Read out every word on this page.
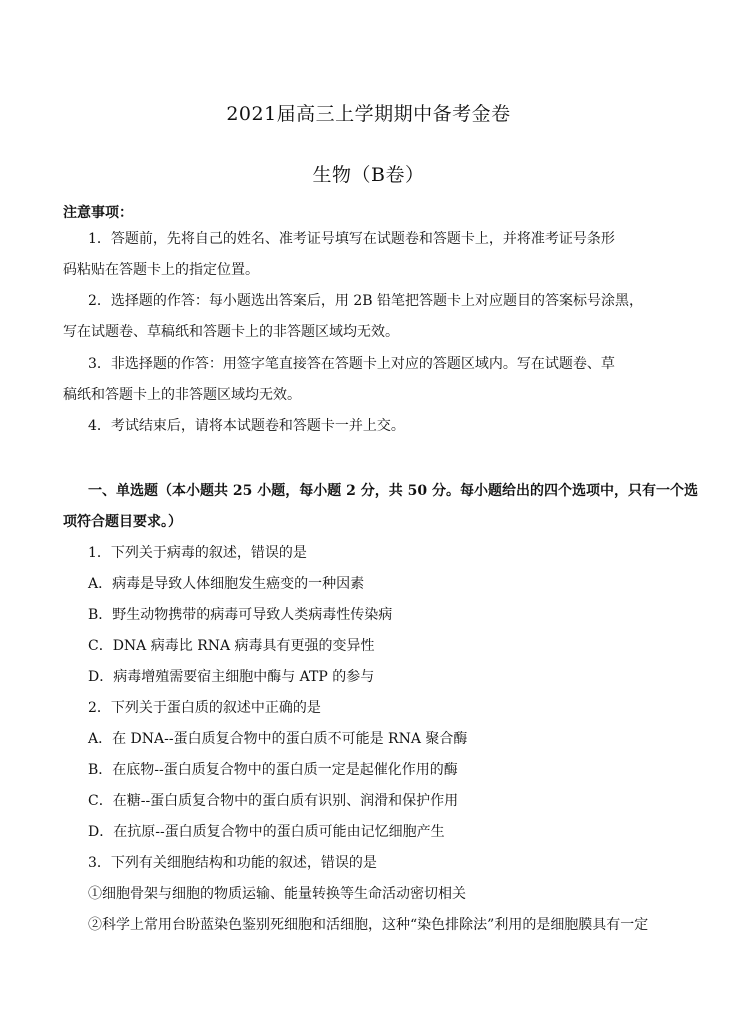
2021届高三上学期期中备考金卷
生物（B卷）
注意事项：
1．答题前，先将自己的姓名、准考证号填写在试题卷和答题卡上，并将准考证号条形
码粘贴在答题卡上的指定位置。
2．选择题的作答：每小题选出答案后，用 2B 铅笔把答题卡上对应题目的答案标号涂黑，
写在试题卷、草稿纸和答题卡上的非答题区域均无效。
3．非选择题的作答：用签字笔直接答在答题卡上对应的答题区域内。写在试题卷、草
稿纸和答题卡上的非答题区域均无效。
4．考试结束后，请将本试题卷和答题卡一并上交。
一、单选题（本小题共 25 小题，每小题 2 分，共 50 分。每小题给出的四个选项中，只有一个选
项符合题目要求。）
1．下列关于病毒的叙述，错误的是
A．病毒是导致人体细胞发生癌变的一种因素
B．野生动物携带的病毒可导致人类病毒性传染病
C．DNA 病毒比 RNA 病毒具有更强的变异性
D．病毒增殖需要宿主细胞中酶与 ATP 的参与
2．下列关于蛋白质的叙述中正确的是
A．在 DNA--蛋白质复合物中的蛋白质不可能是 RNA 聚合酶
B．在底物--蛋白质复合物中的蛋白质一定是起催化作用的酶
C．在糖--蛋白质复合物中的蛋白质有识别、润滑和保护作用
D．在抗原--蛋白质复合物中的蛋白质可能由记忆细胞产生
3．下列有关细胞结构和功能的叙述，错误的是
①细胞骨架与细胞的物质运输、能量转换等生命活动密切相关
②科学上常用台盼蓝染色鉴别死细胞和活细胞，这种“染色排除法”利用的是细胞膜具有一定
